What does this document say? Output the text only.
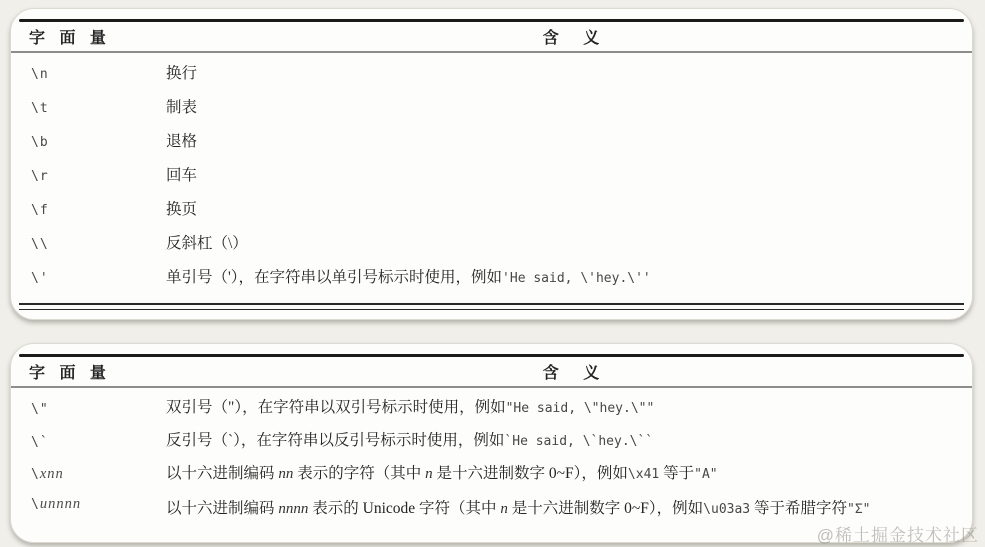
字 面 量	含 义
\n	换行
\t	制表
\b	退格
\r	回车
\f	换页
\\	反斜杠（\）
\'	单引号（'），在字符串以单引号标示时使用，例如'He said, \'hey.\''
字 面 量	含 义
\"	双引号（"），在字符串以双引号标示时使用，例如"He said, \"hey.\""
\`	反引号（`），在字符串以反引号标示时使用，例如`He said, \`hey.\``
\xnn	以十六进制编码 nn 表示的字符（其中 n 是十六进制数字 0~F），例如\x41 等于"A"
\unnnn	以十六进制编码 nnnn 表示的 Unicode 字符（其中 n 是十六进制数字 0~F），例如\u03a3 等于希腊字符"Σ"
@稀土掘金技术社区
